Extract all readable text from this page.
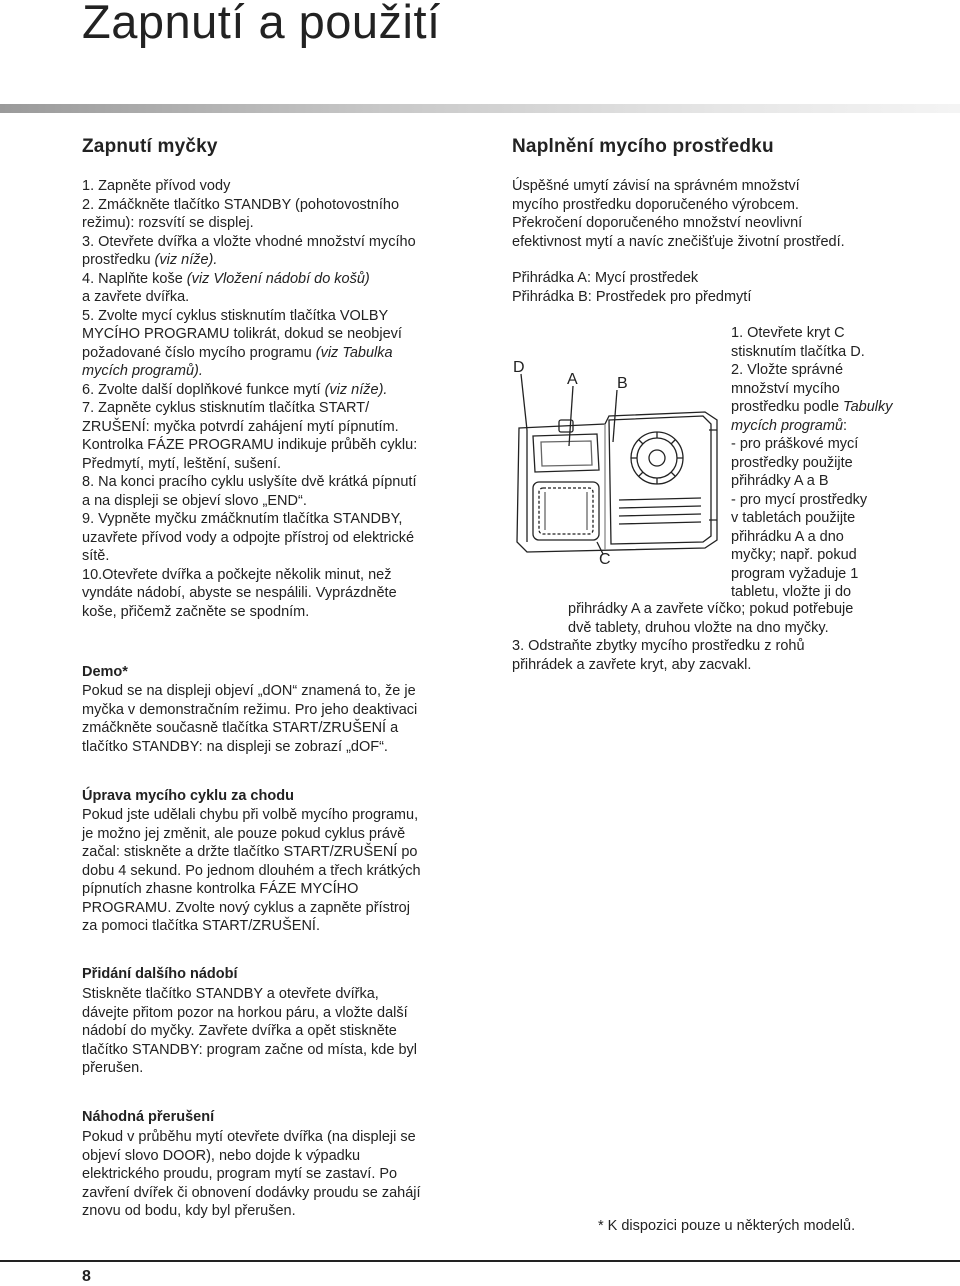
Zapnutí a použití
Zapnutí myčky

1. Zapněte přívod vody

2. Zmáčkněte tlačítko STANDBY (pohotovostního
režimu): rozsvítí se displej.

3. Otevřete dvířka a vložte vhodné množství mycího
prostředku (viz níže).

4. Naplňte koše (viz Vložení nádobí do košů)
a zavřete dvířka.

5. Zvolte mycí cyklus stisknutím tlačítka VOLBY
MYCÍHO PROGRAMU tolikrát, dokud se neobjeví
požadované číslo mycího programu (viz Tabulka
mycích programů).

6. Zvolte další doplňkové funkce mytí (viz níže).

7. Zapněte cyklus stisknutím tlačítka START/
ZRUŠENÍ: myčka potvrdí zahájení mytí pípnutím.
Kontrolka FÁZE PROGRAMU indikuje průběh cyklu:
Předmytí, mytí, leštění, sušení.

8. Na konci pracího cyklu uslyšíte dvě krátká pípnutí
a na displeji se objeví slovo „END“.

9. Vypněte myčku zmáčknutím tlačítka STANDBY,
uzavřete přívod vody a odpojte přístroj od elektrické
sítě.

10.Otevřete dvířka a počkejte několik minut, než
vyndáte nádobí, abyste se nespálili. Vyprázdněte
koše, přičemž začněte se spodním.

Demo*

Pokud se na displeji objeví „dON“ znamená to, že je

myčka v demonstračním režimu. Pro jeho deaktivaci

zmáčkněte současně tlačítka START/ZRUŠENÍ a

tlačítko STANDBY: na displeji se zobrazí „dOF“.

Úprava mycího cyklu za chodu

Pokud jste udělali chybu při volbě mycího programu,

je možno jej změnit, ale pouze pokud cyklus právě

začal: stiskněte a držte tlačítko START/ZRUŠENÍ po

dobu 4 sekund. Po jednom dlouhém a třech krátkých

pípnutích zhasne kontrolka FÁZE MYCÍHO

PROGRAMU. Zvolte nový cyklus a zapněte přístroj

za pomoci tlačítka START/ZRUŠENÍ.

Přidání dalšího nádobí

Stiskněte tlačítko STANDBY a otevřete dvířka,

dávejte přitom pozor na horkou páru, a vložte další

nádobí do myčky. Zavřete dvířka a opět stiskněte

tlačítko STANDBY: program začne od místa, kde byl

přerušen.

Náhodná přerušení

Pokud v průběhu mytí otevřete dvířka (na displeji se

objeví slovo DOOR), nebo dojde k výpadku

elektrického proudu, program mytí se zastaví. Po

zavření dvířek či obnovení dodávky proudu se zahájí

znovu od bodu, kdy byl přerušen.

Naplnění mycího prostředku

Úspěšné umytí závisí na správném množství

mycího prostředku doporučeného výrobcem.

Překročení doporučeného množství neovlivní

efektivnost mytí a navíc znečišťuje životní prostředí.

Přihrádka A: Mycí prostředek

Přihrádka B: Prostředek pro předmytí

D
A B
C

1. Otevřete kryt C

stisknutím tlačítka D.

2. Vložte správné

množství mycího

prostředku podle Tabulky

mycích programů:

- pro práškové mycí

prostředky použijte

přihrádky A a B

- pro mycí prostředky

v tabletách použijte

přihrádku A a dno

myčky; např. pokud

program vyžaduje 1

tabletu, vložte ji do

přihrádky A a zavřete víčko; pokud potřebuje

dvě tablety, druhou vložte na dno myčky.

3. Odstraňte zbytky mycího prostředku z rohů

přihrádek a zavřete kryt, aby zacvakl.

* K dispozici pouze u některých modelů.
8
